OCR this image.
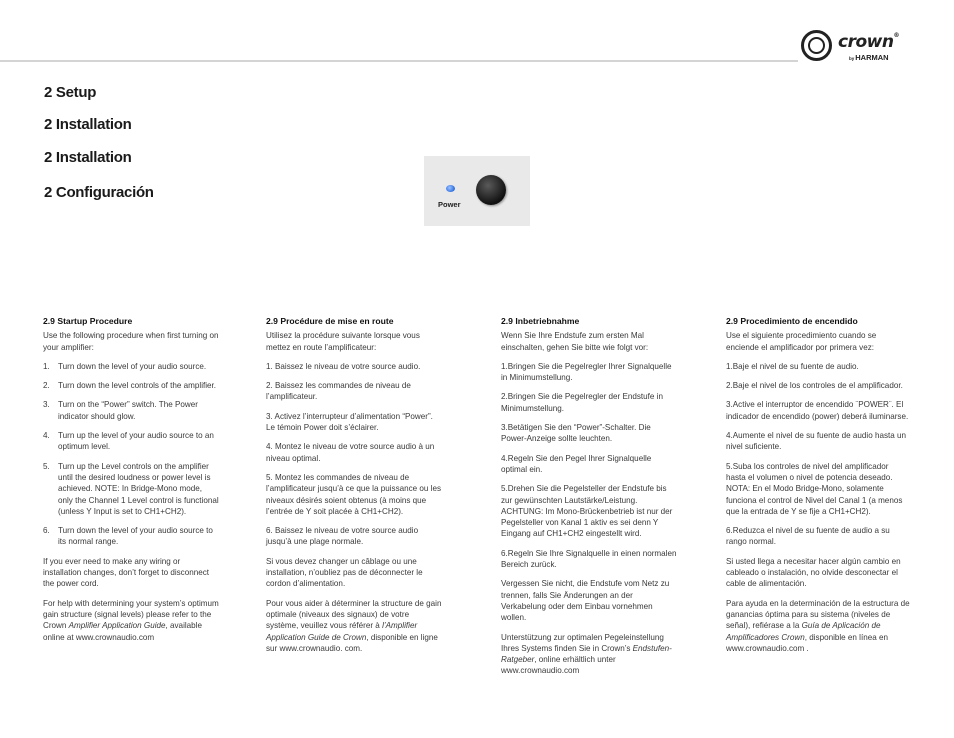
crown®
byHARMAN
2 Setup
2 Installation
2 Installation
2 Configuración
Power
2.9 Startup Procedure

Use the following procedure when first turning on your amplifier:

1.	Turn down the level of your audio source.
2.	Turn down the level controls of the amplifier.
3.	Turn on the “Power” switch. The Power indicator should glow.
4.	Turn up the level of your audio source to an optimum level.
5.	Turn up the Level controls on the amplifier until the desired loudness or power level is achieved. NOTE: In Bridge-Mono mode, only the Channel 1 Level control is functional (unless Y Input is set to CH1+CH2).
6.	Turn down the level of your audio source to its normal range.

If you ever need to make any wiring or installation changes, don’t forget to disconnect the power cord.

For help with determining your system’s optimum gain structure (signal levels) please refer to the Crown Amplifier Application Guide, available online at www.crownaudio.com

2.9 Procédure de mise en route

Utilisez la procédure suivante lorsque vous mettez en route l’amplificateur:

1. Baissez le niveau de votre source audio.

2. Baissez les commandes de niveau de l’amplificateur.

3. Activez l’interrupteur d’alimentation “Power”. Le témoin Power doit s’éclairer.

4. Montez le niveau de votre source audio à un niveau optimal.

5. Montez les commandes de niveau de l’amplificateur jusqu’à ce que la puissance ou les niveaux désirés soient obtenus (à moins que l’entrée de Y soit placée à CH1+CH2).

6. Baissez le niveau de votre source audio jusqu’à une plage normale.

Si vous devez changer un câblage ou une installation, n’oubliez pas de déconnecter le cordon d’alimentation.

Pour vous aider à déterminer la structure de gain optimale (niveaux des signaux) de votre système, veuillez vous référer à l’Amplifier Application Guide de Crown, disponible en ligne sur www.crownaudio. com.

2.9 Inbetriebnahme

Wenn Sie Ihre Endstufe zum ersten Mal einschalten, gehen Sie bitte wie folgt vor:

1.Bringen Sie die Pegelregler Ihrer Signalquelle in Minimumstellung.

2.Bringen Sie die Pegelregler der Endstufe in Minimumstellung.

3.Betätigen Sie den “Power”-Schalter. Die Power-Anzeige sollte leuchten.

4.Regeln Sie den Pegel Ihrer Signalquelle optimal ein.

5.Drehen Sie die Pegelsteller der Endstufe bis zur gewünschten Lautstärke/Leistung. ACHTUNG: Im Mono-Brückenbetrieb ist nur der Pegelsteller von Kanal 1 aktiv es sei denn Y Eingang auf CH1+CH2 eingestellt wird.

6.Regeln Sie Ihre Signalquelle in einen normalen Bereich zurück.

Vergessen Sie nicht, die Endstufe vom Netz zu trennen, falls Sie Änderungen an der Verkabelung oder dem Einbau vornehmen wollen.

Unterstützung zur optimalen Pegeleinstellung Ihres Systems finden Sie in Crown’s Endstufen-Ratgeber, online erhältlich unter www.crownaudio.com

2.9 Procedimiento de encendido

Use el siguiente procedimiento cuando se enciende el amplificador por primera vez:

1.Baje el nivel de su fuente de audio.

2.Baje el nivel de los controles de el amplificador.

3.Active el interruptor de encendido ¨POWER¨. El indicador de encendido (power) deberá iluminarse.

4.Aumente el nivel de su fuente de audio hasta un nivel suficiente.

5.Suba los controles de nivel del amplificador hasta el volumen o nivel de potencia deseado. NOTA: En el Modo Bridge-Mono, solamente funciona el control de Nivel del Canal 1 (a menos que la entrada de Y se fije a CH1+CH2).

6.Reduzca el nivel de su fuente de audio a su rango normal.

Si usted llega a necesitar hacer algún cambio en cableado o instalación, no olvide desconectar el cable de alimentación.

Para ayuda en la determinación de la estructura de ganancias óptima para su sistema (niveles de señal), refiérase a la Guía de Aplicación de Amplificadores Crown, disponible en línea en www.crownaudio.com .
